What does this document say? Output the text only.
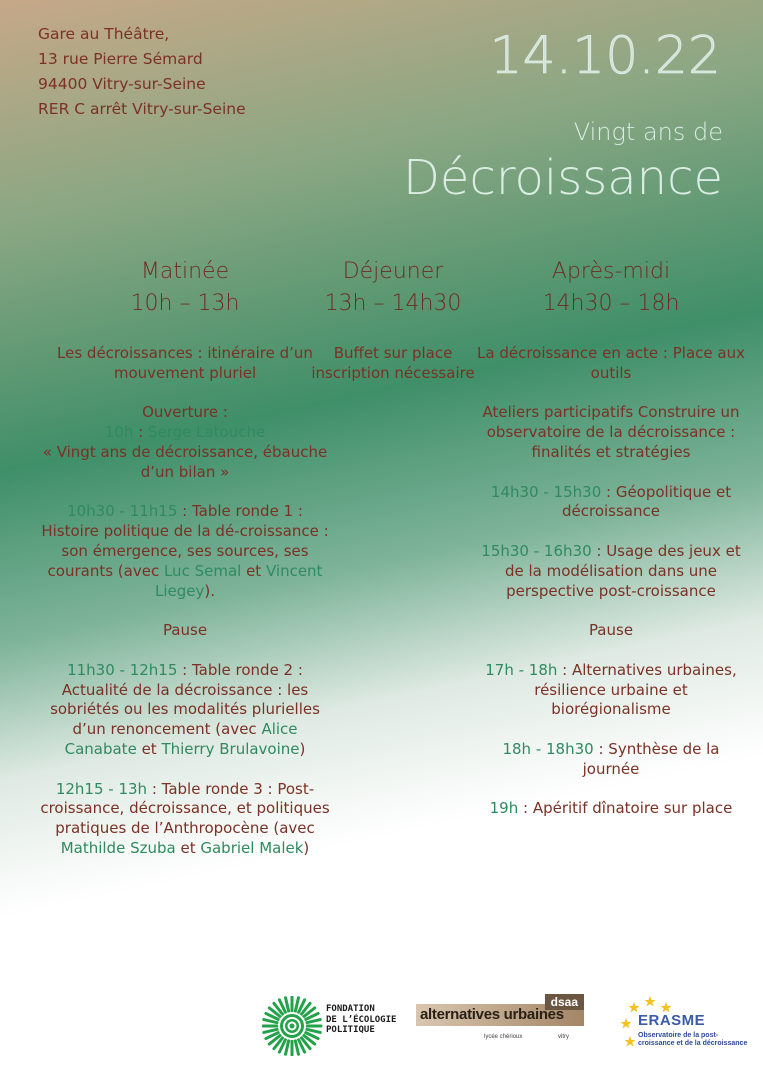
Gare au Théâtre,
13 rue Pierre Sémard
94400 Vitry-sur-Seine
RER C arrêt Vitry-sur-Seine
14.10.22
Vingt ans de
Décroissance
Matinée
10h – 13h
Les décroissances : itinéraire d’un mouvement pluriel
Ouverture :
10h : Serge Latouche
« Vingt ans de décroissance, ébauche d’un bilan »
10h30 - 11h15 : Table ronde 1 : Histoire politique de la dé-croissance : son émergence, ses sources, ses courants (avec Luc Semal et Vincent Liegey).
Pause
11h30 - 12h15 : Table ronde 2 : Actualité de la décroissance : les sobriétés ou les modalités plurielles d’un renoncement (avec Alice Canabate et Thierry Brulavoine)
12h15 - 13h : Table ronde 3 : Post-croissance, décroissance, et politiques pratiques de l’Anthropocène (avec Mathilde Szuba et Gabriel Malek)
Déjeuner
13h – 14h30
Buffet sur place inscription nécessaire
Après-midi
14h30 – 18h
La décroissance en acte : Place aux outils
Ateliers participatifs Construire un observatoire de la décroissance : finalités et stratégies
14h30 - 15h30 : Géopolitique et décroissance
15h30 - 16h30 : Usage des jeux et de la modélisation dans une perspective post-croissance
Pause
17h - 18h : Alternatives urbaines, résilience urbaine et biorégionalisme
18h - 18h30 : Synthèse de la journée
19h : Apéritif dînatoire sur place
FONDATION
DE L’ÉCOLOGIE
POLITIQUE
dsaa
alternatives urbaines
lycée chérioux	vitry
ERASME
Observatoire de la post-croissance et de la décroissance
